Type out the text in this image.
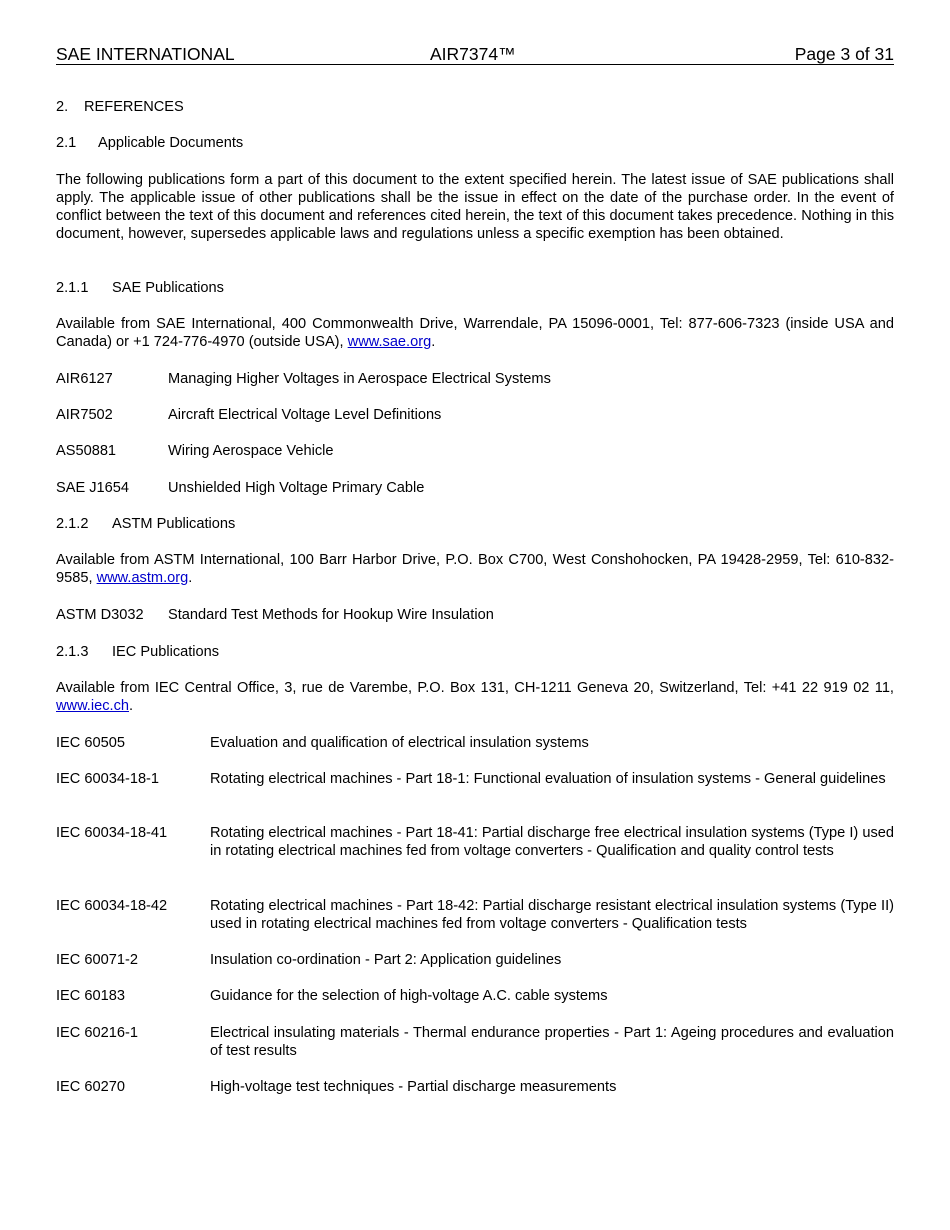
SAE INTERNATIONAL	AIR7374™	Page 3 of 31
2. REFERENCES
2.1 Applicable Documents
The following publications form a part of this document to the extent specified herein. The latest issue of SAE publications shall apply. The applicable issue of other publications shall be the issue in effect on the date of the purchase order. In the event of conflict between the text of this document and references cited herein, the text of this document takes precedence. Nothing in this document, however, supersedes applicable laws and regulations unless a specific exemption has been obtained.
2.1.1 SAE Publications
Available from SAE International, 400 Commonwealth Drive, Warrendale, PA 15096-0001, Tel: 877-606-7323 (inside USA and Canada) or +1 724-776-4970 (outside USA), www.sae.org.
AIR6127	Managing Higher Voltages in Aerospace Electrical Systems
AIR7502	Aircraft Electrical Voltage Level Definitions
AS50881	Wiring Aerospace Vehicle
SAE J1654	Unshielded High Voltage Primary Cable
2.1.2 ASTM Publications
Available from ASTM International, 100 Barr Harbor Drive, P.O. Box C700, West Conshohocken, PA 19428-2959, Tel: 610-832-9585, www.astm.org.
ASTM D3032 Standard Test Methods for Hookup Wire Insulation
2.1.3 IEC Publications
Available from IEC Central Office, 3, rue de Varembe, P.O. Box 131, CH-1211 Geneva 20, Switzerland, Tel: +41 22 919 02 11, www.iec.ch.
IEC 60505	Evaluation and qualification of electrical insulation systems
IEC 60034-18-1	Rotating electrical machines - Part 18-1: Functional evaluation of insulation systems - General guidelines
IEC 60034-18-41	Rotating electrical machines - Part 18-41: Partial discharge free electrical insulation systems (Type I) used in rotating electrical machines fed from voltage converters - Qualification and quality control tests
IEC 60034-18-42	Rotating electrical machines - Part 18-42: Partial discharge resistant electrical insulation systems (Type II) used in rotating electrical machines fed from voltage converters - Qualification tests
IEC 60071-2	Insulation co-ordination - Part 2: Application guidelines
IEC 60183	Guidance for the selection of high-voltage A.C. cable systems
IEC 60216-1	Electrical insulating materials - Thermal endurance properties - Part 1: Ageing procedures and evaluation of test results
IEC 60270	High-voltage test techniques - Partial discharge measurements
